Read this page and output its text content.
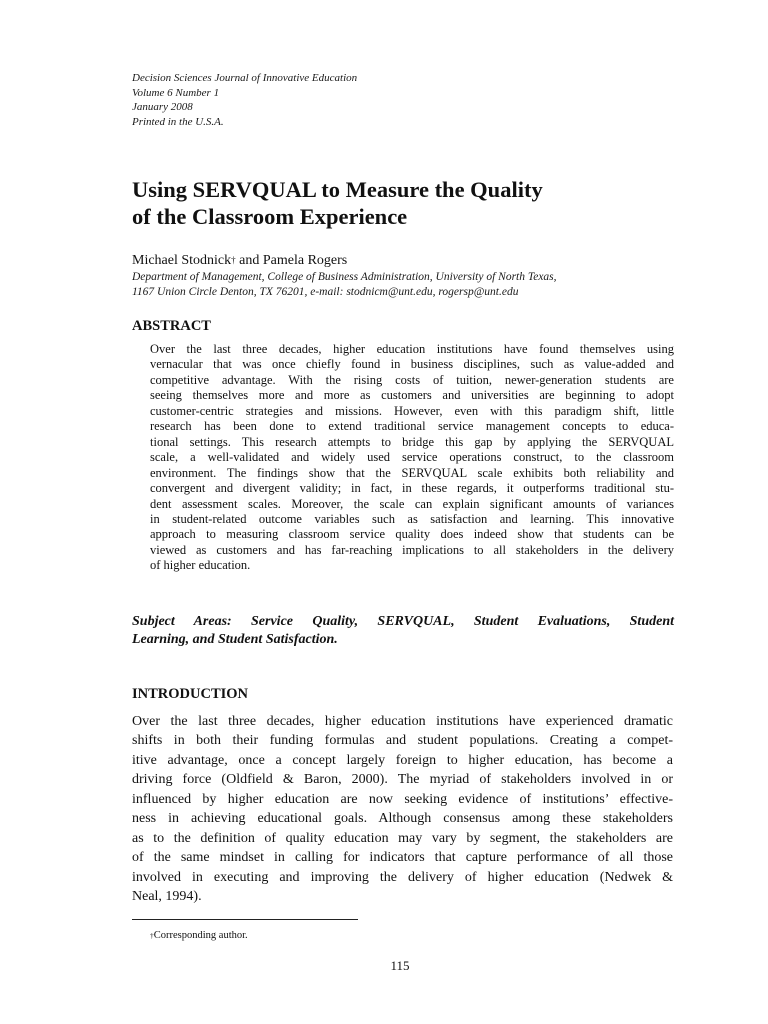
Decision Sciences Journal of Innovative Education
Volume 6 Number 1
January 2008
Printed in the U.S.A.
Using SERVQUAL to Measure the Quality
of the Classroom Experience
Michael Stodnick† and Pamela Rogers
Department of Management, College of Business Administration, University of North Texas,
1167 Union Circle Denton, TX 76201, e-mail: stodnicm@unt.edu, rogersp@unt.edu
ABSTRACT
Over the last three decades, higher education institutions have found themselves using
vernacular that was once chiefly found in business disciplines, such as value-added and
competitive advantage. With the rising costs of tuition, newer-generation students are
seeing themselves more and more as customers and universities are beginning to adopt
customer-centric strategies and missions. However, even with this paradigm shift, little
research has been done to extend traditional service management concepts to educa-
tional settings. This research attempts to bridge this gap by applying the SERVQUAL
scale, a well-validated and widely used service operations construct, to the classroom
environment. The findings show that the SERVQUAL scale exhibits both reliability and
convergent and divergent validity; in fact, in these regards, it outperforms traditional stu-
dent assessment scales. Moreover, the scale can explain significant amounts of variances
in student-related outcome variables such as satisfaction and learning. This innovative
approach to measuring classroom service quality does indeed show that students can be
viewed as customers and has far-reaching implications to all stakeholders in the delivery
of higher education.
Subject Areas: Service Quality, SERVQUAL, Student Evaluations, Student
Learning, and Student Satisfaction.
INTRODUCTION
Over the last three decades, higher education institutions have experienced dramatic
shifts in both their funding formulas and student populations. Creating a compet-
itive advantage, once a concept largely foreign to higher education, has become a
driving force (Oldfield & Baron, 2000). The myriad of stakeholders involved in or
influenced by higher education are now seeking evidence of institutions’ effective-
ness in achieving educational goals. Although consensus among these stakeholders
as to the definition of quality education may vary by segment, the stakeholders are
of the same mindset in calling for indicators that capture performance of all those
involved in executing and improving the delivery of higher education (Nedwek &
Neal, 1994).
†Corresponding author.
115
